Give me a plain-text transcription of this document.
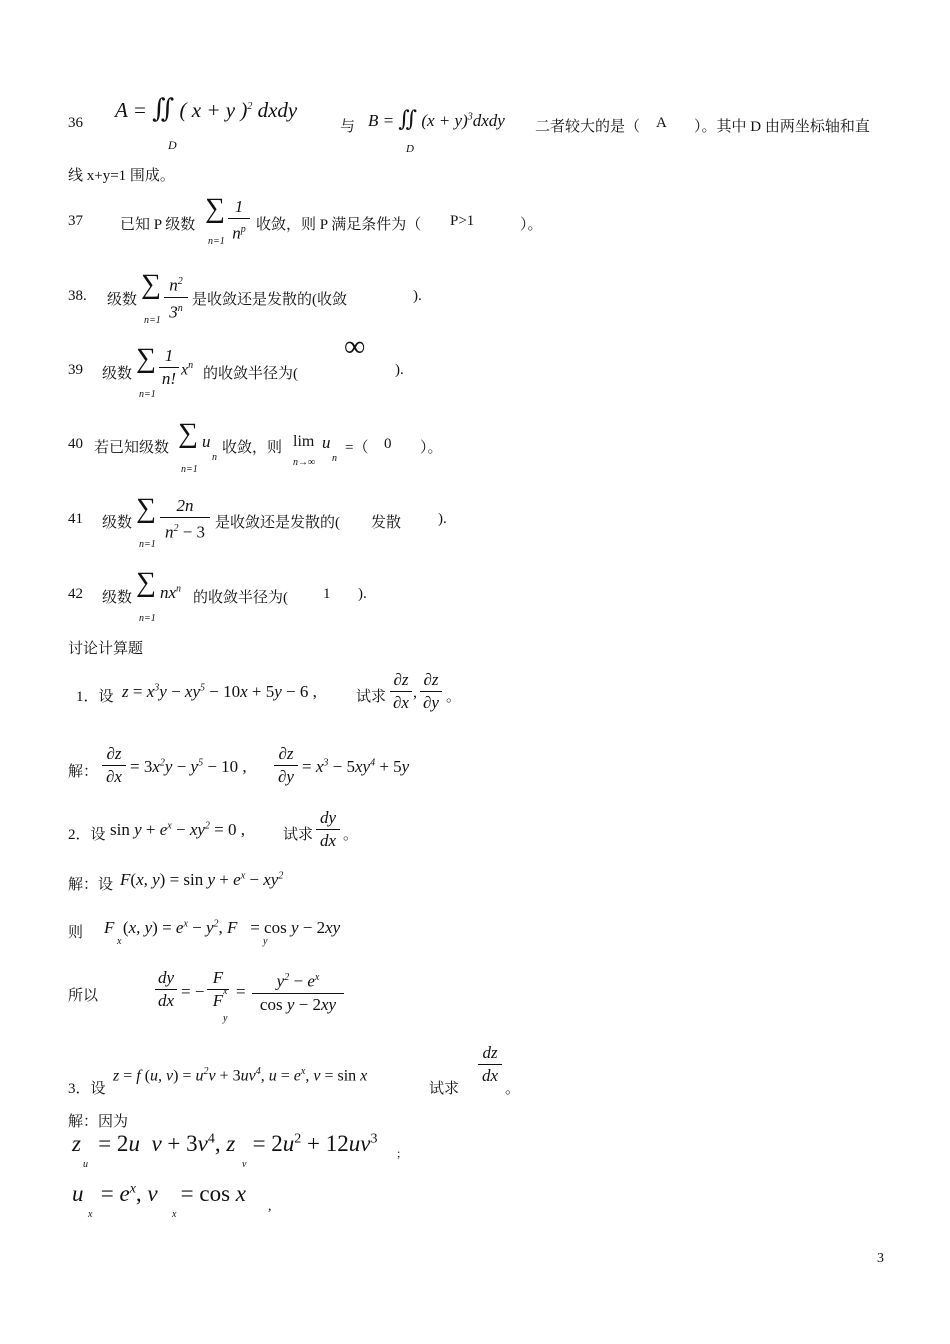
36
A = ∬ ( x + y )$^2$ dxdy
D
与 B = ∬ $(x + y)^3dxdy$
D
二者较大的是（ A ）。其中 D 由两坐标轴和直
线 x+y=1 围成。
37 已知 P 级数
∑
n=1
1
$n^p$ 收敛，则 P 满足条件为（ P>1	）。
38. 级数 ∑
n=1
$n^2$
3$^n$
是收敛还是发散的(收敛	).
39 级数 ∑
n=1
1
n! $x^n$
的收敛半径为(
∞
).
40 若已知级数 ∑ u
n
n=1
收敛，则 lim
n→∞
u
n
=（ 0 ）。
41 级数 ∑
n=1
2n
$n^2 - 3$ 是收敛还是发散的( 发散 ).
42 级数 ∑ $nx^n$
n=1
的收敛半径为( 1 ).
讨论计算题
1．设 $z = x^3y - xy^5 - 10x + 5y - 6$ ,	试求
∂z
∂x
,
∂z
∂y 。
解：
∂z
∂x
= $3x^2y - y^5 - 10$ ,
∂z
∂y
= $x^3 - 5xy^4 + 5y$
2．设 $\sin y + e^x - xy^2 = 0$ ,	试求
dy
dx 。
解：设 F(x, $y) = \sin y + e^x - xy^2$
则 F  (x, $y) = e^x - y^2$, F   = cos y − 2xy
x	y
所以
dy
dx = −
F
F x
y
=
$y^2 - e^x$
cos y − 2xy
3．设
z = f (u, $v) = u^2v + 3uv^4$, $u = e^x$, v = sin x
试求
dz
dx
。
解：因为
z   = 2u  $v + 3v^4$, $z = 2u^2 + 12uv^3$
u	v
;
$u = e^x$, v    = cos x
x	x
,
3
